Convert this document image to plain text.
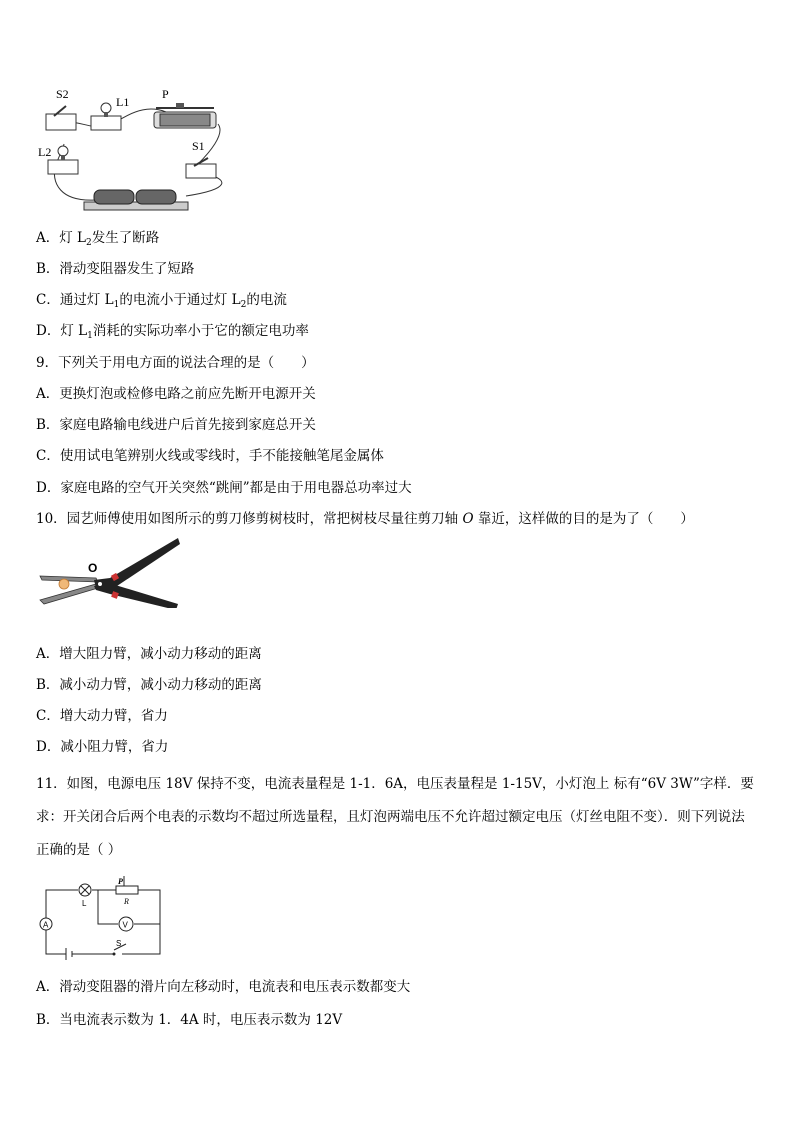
S2
L1
P
L2	S1
A．灯 $L_2$发生了断路
B．滑动变阻器发生了短路
C．通过灯 $L_1$的电流小于通过灯 $L_2$的电流
D．灯 $L_1$消耗的实际功率小于它的额定电功率
9．下列关于用电方面的说法合理的是（　　）
A．更换灯泡或检修电路之前应先断开电源开关
B．家庭电路输电线进户后首先接到家庭总开关
C．使用试电笔辨别火线或零线时，手不能接触笔尾金属体
D．家庭电路的空气开关突然“跳闸”都是由于用电器总功率过大
10．园艺师傅使用如图所示的剪刀修剪树枝时，常把树枝尽量往剪刀轴 O 靠近，这样做的目的是为了（　　）
O
A．增大阻力臂，减小动力移动的距离
B．减小动力臂，减小动力移动的距离
C．增大动力臂，省力
D．减小阻力臂，省力
11．如图，电源电压 18V 保持不变，电流表量程是 1-1．6A，电压表量程是 1-15V，小灯泡上 标有“6V 3W”字样．要求：开关闭合后两个电表的示数均不超过所选量程，且灯泡两端电压不允许超过额定电压（灯丝电阻不变）．则下列说法正确的是（ ）
A
L
P
R
V
S
A．滑动变阻器的滑片向左移动时，电流表和电压表示数都变大
B．当电流表示数为 1．4A 时，电压表示数为 12V
